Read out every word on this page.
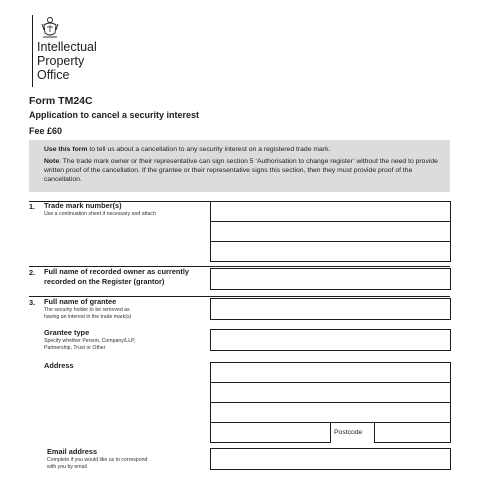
Intellectual
Property
Office
Form TM24C
Application to cancel a security interest
Fee £60

Use this form to tell us about a cancellation to any security interest on a registered trade mark.

Note: The trade mark owner or their representative can sign section 5 ‘Authorisation to change register’ without the need to provide written proof of the cancellation. If the grantee or their representative signs this section, then they must provide proof of the cancellation.

1. Trade mark number(s)
Use a continuation sheet if necessary and attach
2. Full name of recorded owner as currently
recorded on the Register (grantor)
3. Full name of grantee
The security holder to be removed as
having an interest in the trade mark(s)
Grantee type
Specify whether Person, Company/LLP,
Partnership, Trust or Other
Address
Postcode
Email address
Complete if you would like us to correspond
with you by email
